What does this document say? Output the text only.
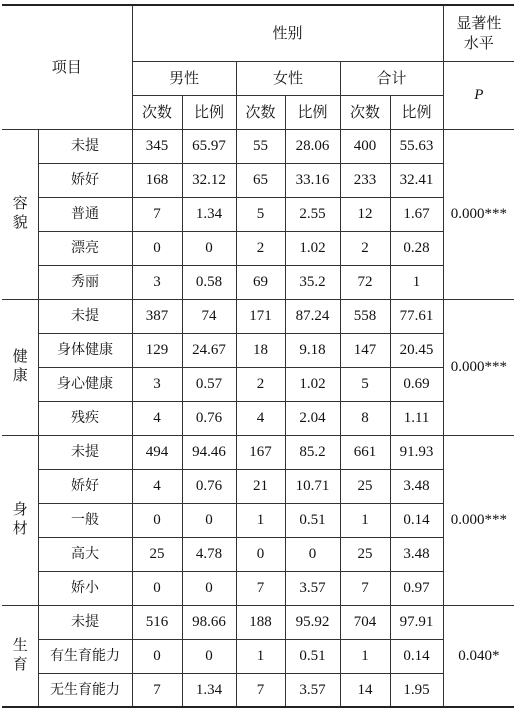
项目		性别						显著性水平
		男性		女性		合计		P
		次数	比例	次数	比例	次数	比例	

容貌	未提	345	65.97	55	28.06	400	55.63	0.000***
	娇好	168	32.12	65	33.16	233	32.41	
	普通	7	1.34	5	2.55	12	1.67	
	漂亮	0	0	2	1.02	2	0.28	
	秀丽	3	0.58	69	35.2	72	1	

健康	未提	387	74	171	87.24	558	77.61	0.000***
	身体健康	129	24.67	18	9.18	147	20.45	
	身心健康	3	0.57	2	1.02	5	0.69	
	残疾	4	0.76	4	2.04	8	1.11	

身材	未提	494	94.46	167	85.2	661	91.93	0.000***
	娇好	4	0.76	21	10.71	25	3.48	
	一般	0	0	1	0.51	1	0.14	
	高大	25	4.78	0	0	25	3.48	
	娇小	0	0	7	3.57	7	0.97	

生育	未提	516	98.66	188	95.92	704	97.91	0.040*
	有生育能力	0	0	1	0.51	1	0.14	
	无生育能力	7	1.34	7	3.57	14	1.95	
